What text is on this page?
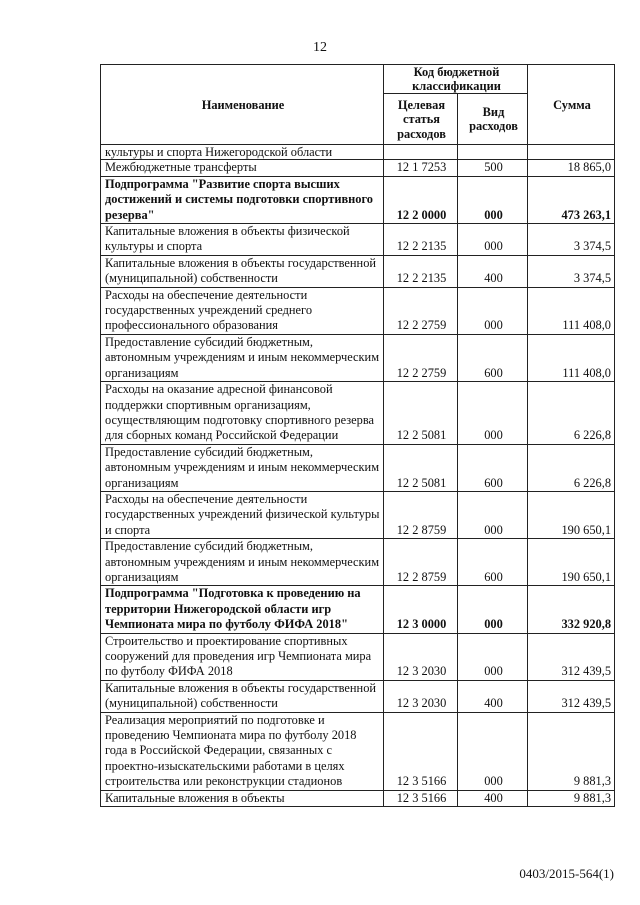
12
Наименование	Код бюджетной классификации		Сумма
	Целевая статья расходов	Вид расходов	
культуры и спорта Нижегородской области			
Межбюджетные трансферты	12 1 7253	500	18 865,0
Подпрограмма "Развитие спорта высших достижений и системы подготовки спортивного резерва"	12 2 0000	000	473 263,1
Капитальные вложения в объекты физической культуры и спорта	12 2 2135	000	3 374,5
Капитальные вложения в объекты государственной (муниципальной) собственности	12 2 2135	400	3 374,5
Расходы на обеспечение деятельности государственных учреждений среднего профессионального образования	12 2 2759	000	111 408,0
Предоставление субсидий бюджетным, автономным учреждениям и иным некоммерческим организациям	12 2 2759	600	111 408,0
Расходы на оказание адресной финансовой поддержки спортивным организациям, осуществляющим подготовку спортивного резерва для сборных команд Российской Федерации	12 2 5081	000	6 226,8
Предоставление субсидий бюджетным, автономным учреждениям и иным некоммерческим организациям	12 2 5081	600	6 226,8
Расходы на обеспечение деятельности государственных учреждений физической культуры и спорта	12 2 8759	000	190 650,1
Предоставление субсидий бюджетным, автономным учреждениям и иным некоммерческим организациям	12 2 8759	600	190 650,1
Подпрограмма "Подготовка к проведению на территории Нижегородской области игр Чемпионата мира по футболу ФИФА 2018"	12 3 0000	000	332 920,8
Строительство и проектирование спортивных сооружений для проведения игр Чемпионата мира по футболу ФИФА 2018	12 3 2030	000	312 439,5
Капитальные вложения в объекты государственной (муниципальной) собственности	12 3 2030	400	312 439,5
Реализация мероприятий по подготовке и проведению Чемпионата мира по футболу 2018 года в Российской Федерации, связанных с проектно-изыскательскими работами в целях строительства или реконструкции стадионов	12 3 5166	000	9 881,3
Капитальные вложения в объекты	12 3 5166	400	9 881,3
0403/2015-564(1)
